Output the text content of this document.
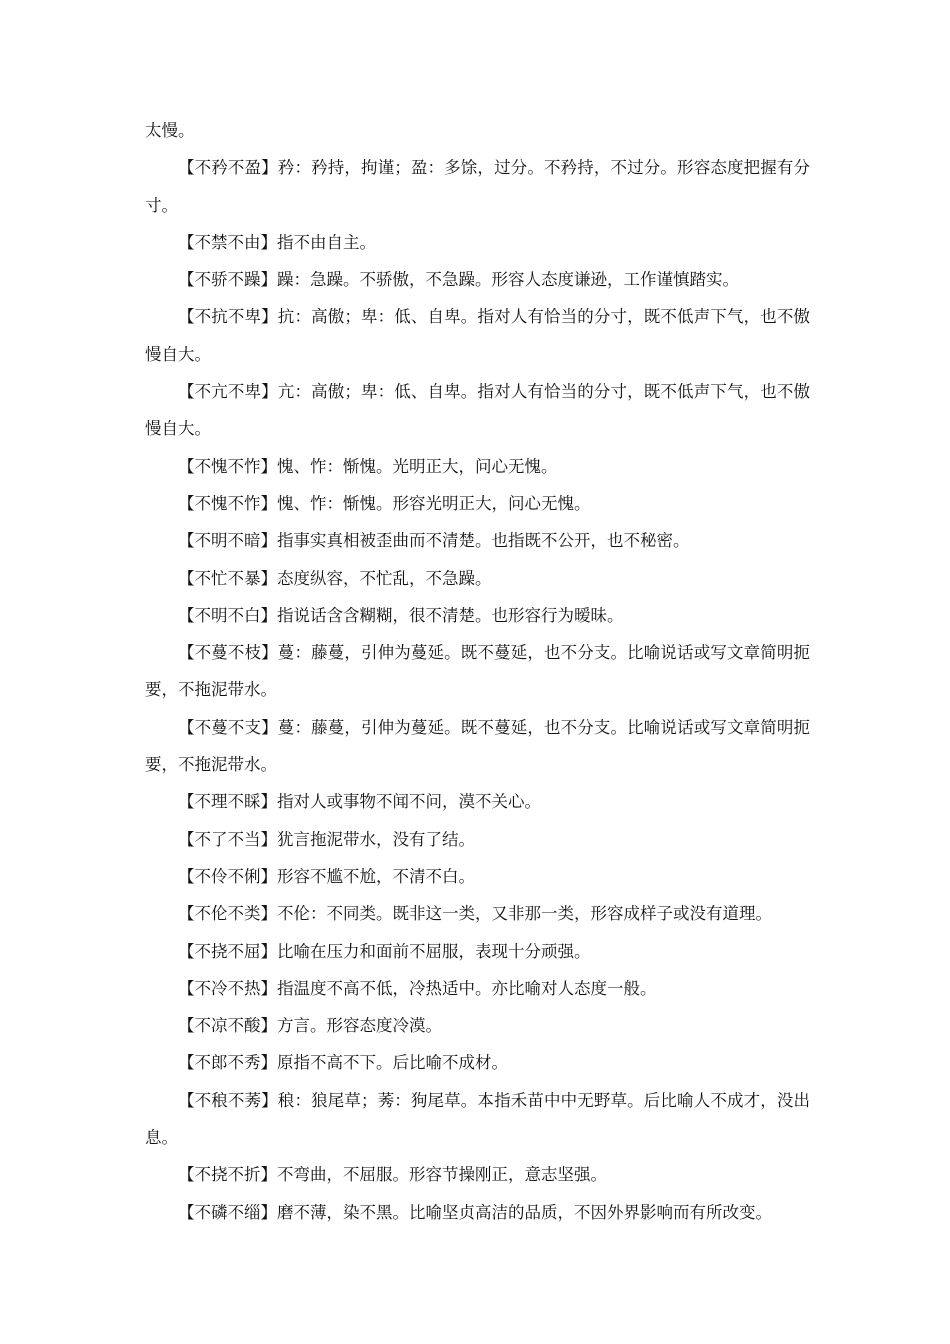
太慢。

【不矜不盈】矜：矜持，拘谨；盈：多馀，过分。不矜持，不过分。形容态度把握有分寸。

【不禁不由】指不由自主。

【不骄不躁】躁：急躁。不骄傲，不急躁。形容人态度谦逊，工作谨慎踏实。

【不抗不卑】抗：高傲；卑：低、自卑。指对人有恰当的分寸，既不低声下气，也不傲慢自大。

【不亢不卑】亢：高傲；卑：低、自卑。指对人有恰当的分寸，既不低声下气，也不傲慢自大。

【不愧不怍】愧、怍：惭愧。光明正大，问心无愧。

【不愧不怍】愧、怍：惭愧。形容光明正大，问心无愧。

【不明不暗】指事实真相被歪曲而不清楚。也指既不公开，也不秘密。

【不忙不暴】态度纵容，不忙乱，不急躁。

【不明不白】指说话含含糊糊，很不清楚。也形容行为暧昧。

【不蔓不枝】蔓：藤蔓，引伸为蔓延。既不蔓延，也不分支。比喻说话或写文章简明扼要，不拖泥带水。

【不蔓不支】蔓：藤蔓，引伸为蔓延。既不蔓延，也不分支。比喻说话或写文章简明扼要，不拖泥带水。

【不理不睬】指对人或事物不闻不问，漠不关心。

【不了不当】犹言拖泥带水，没有了结。

【不伶不俐】形容不尴不尬，不清不白。

【不伦不类】不伦：不同类。既非这一类，又非那一类，形容成样子或没有道理。

【不挠不屈】比喻在压力和面前不屈服，表现十分顽强。

【不冷不热】指温度不高不低，冷热适中。亦比喻对人态度一般。

【不凉不酸】方言。形容态度冷漠。

【不郎不秀】原指不高不下。后比喻不成材。

【不稂不莠】稂：狼尾草；莠：狗尾草。本指禾苗中中无野草。后比喻人不成才，没出息。

【不挠不折】不弯曲，不屈服。形容节操刚正，意志坚强。

【不磷不缁】磨不薄，染不黑。比喻坚贞高洁的品质，不因外界影响而有所改变。
